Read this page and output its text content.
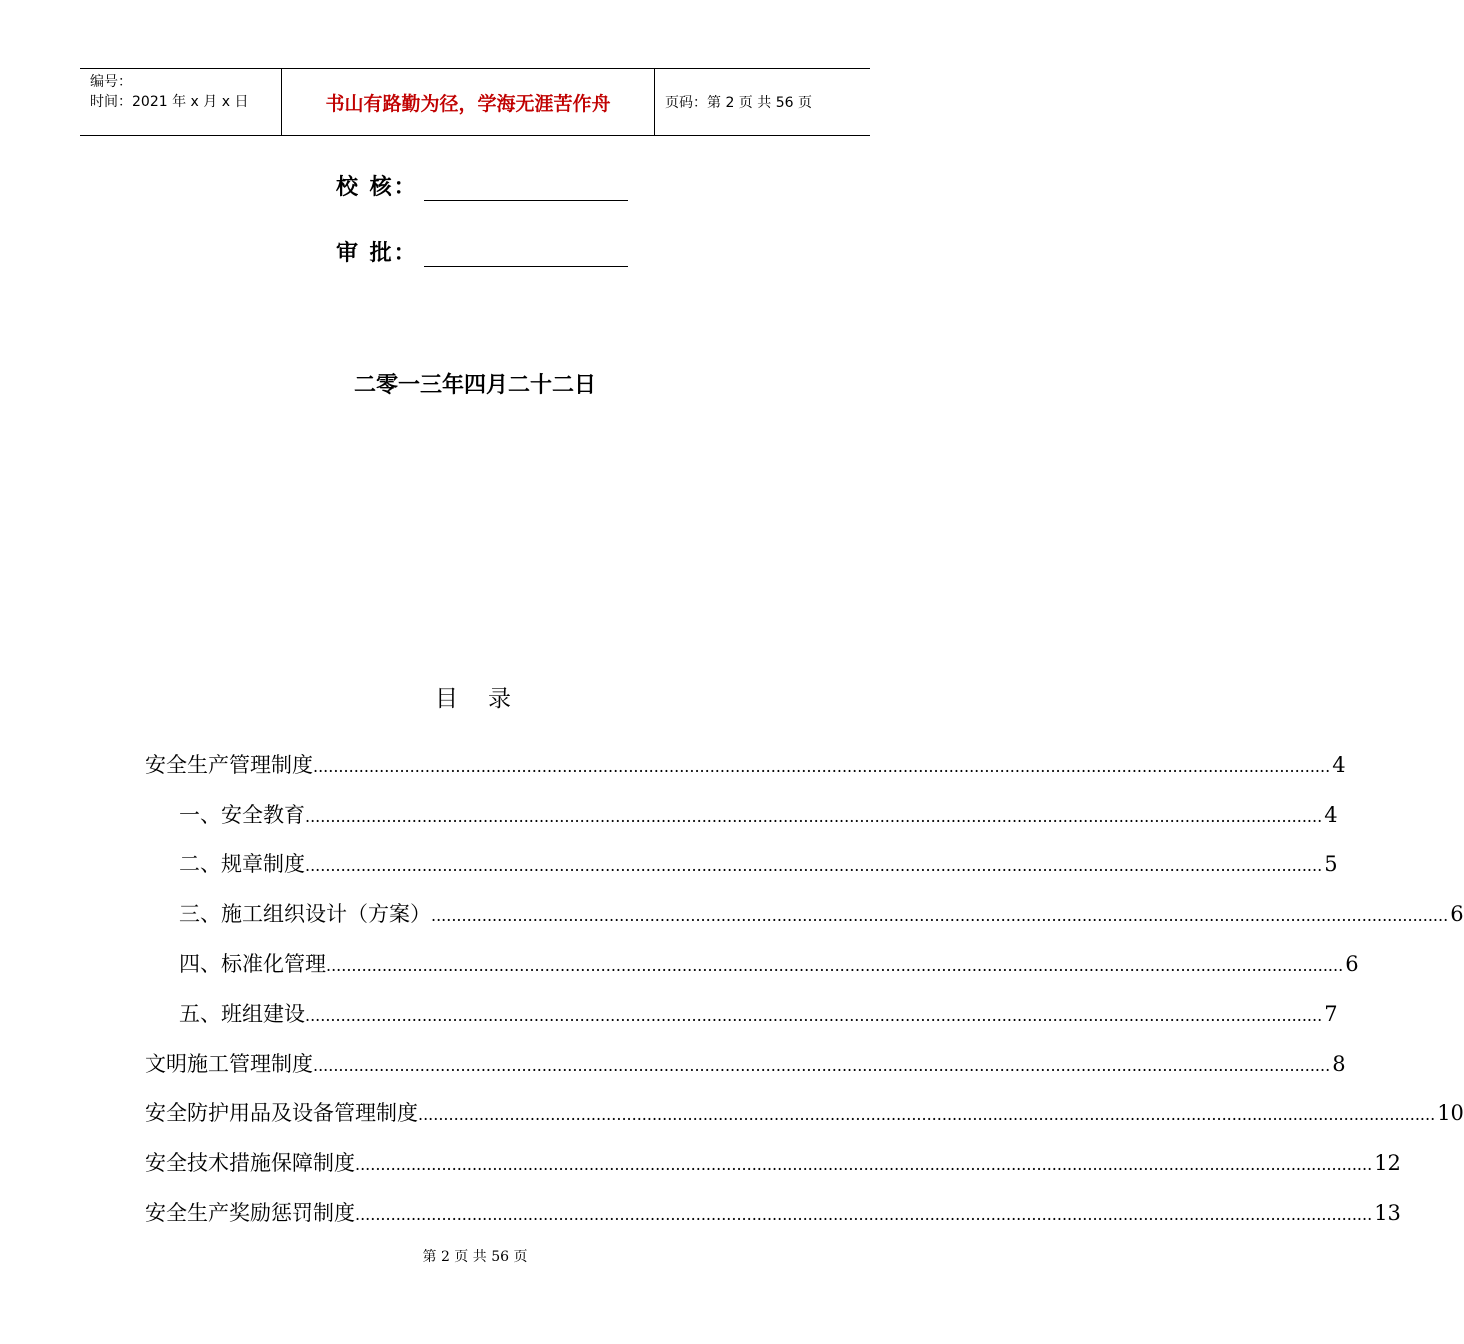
编号：
时间：2021 年 x 月 x 日	书山有路勤为径，学海无涯苦作舟	页码：第 2 页 共 56 页
校 核：
审 批：
二零一三年四月二十二日
目 录
安全生产管理制度 ........................................................................................................................................................................................................ 4
一、安全教育 ........................................................................................................................................................................................................ 4
二、规章制度 ........................................................................................................................................................................................................ 5
三、施工组织设计（方案） ........................................................................................................................................................................................................ 6
四、标准化管理 ........................................................................................................................................................................................................ 6
五、班组建设 ........................................................................................................................................................................................................ 7
文明施工管理制度 ........................................................................................................................................................................................................ 8
安全防护用品及设备管理制度 ........................................................................................................................................................................................................ 10
安全技术措施保障制度 ........................................................................................................................................................................................................ 12
安全生产奖励惩罚制度 ........................................................................................................................................................................................................ 13
第 2 页 共 56 页
